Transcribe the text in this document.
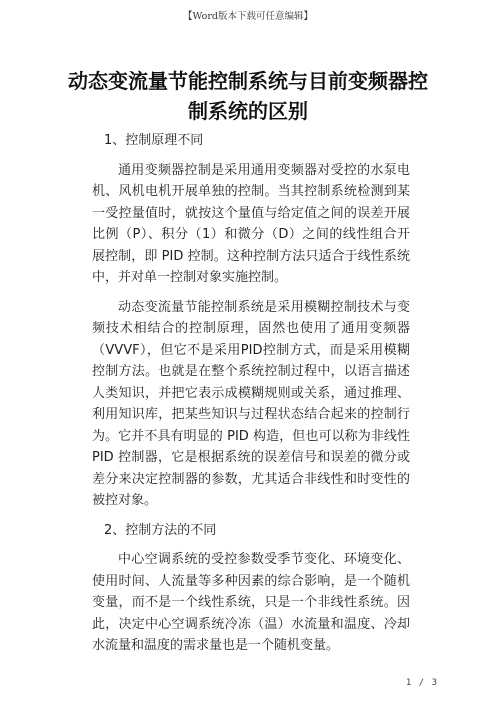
【Word版本下载可任意编辑】
动态变流量节能控制系统与目前变频器控制系统的区别
1、控制原理不同

通用变频器控制是采用通用变频器对受控的水泵电机、风机电机开展单独的控制。当其控制系统检测到某一受控量值时，就按这个量值与给定值之间的误差开展比例（P）、积分（1）和微分（D）之间的线性组合开展控制，即 PID 控制。这种控制方法只适合于线性系统中，并对单一控制对象实施控制。

动态变流量节能控制系统是采用模糊控制技术与变频技术相结合的控制原理，固然也使用了通用变频器（VVVF），但它不是采用PID控制方式，而是采用模糊控制方法。也就是在整个系统控制过程中，以语言描述人类知识，并把它表示成模糊规则或关系，通过推理、利用知识库，把某些知识与过程状态结合起来的控制行为。它并不具有明显的 PID 构造，但也可以称为非线性 PID 控制器，它是根据系统的误差信号和误差的微分或差分来决定控制器的参数，尤其适合非线性和时变性的被控对象。

2、控制方法的不同

中心空调系统的受控参数受季节变化、环境变化、使用时间、人流量等多种因素的综合影响，是一个随机变量，而不是一个线性系统，只是一个非线性系统。因此，决定中心空调系统冷冻（温）水流量和温度、冷却水流量和温度的需求量也是一个随机变量。

1 / 3
